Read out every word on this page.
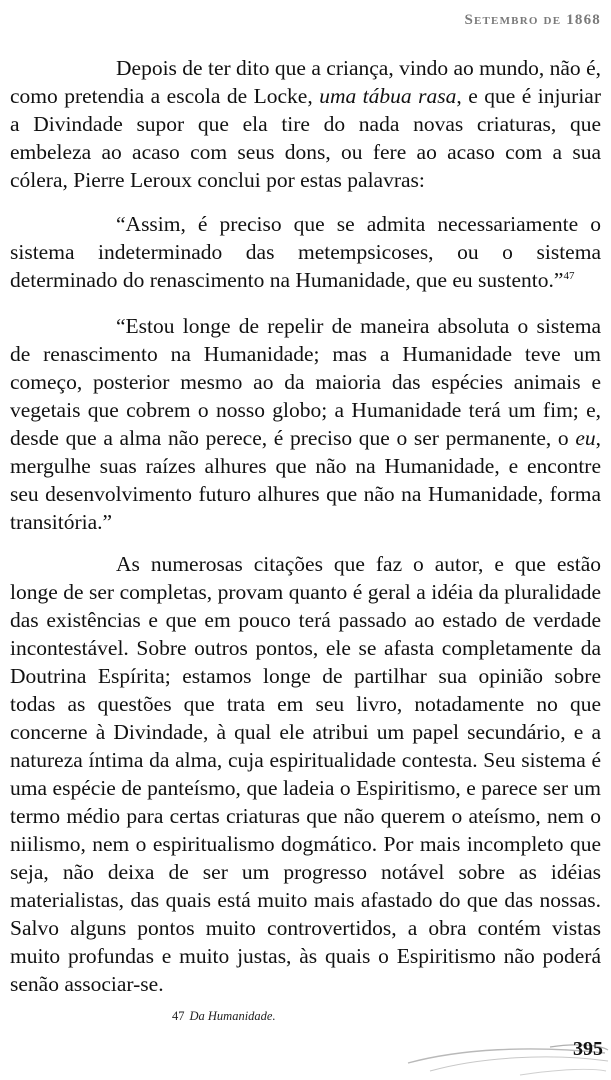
Setembro de 1868

Depois de ter dito que a criança, vindo ao mundo, não é, como pretendia a escola de Locke, uma tábua rasa, e que é injuriar a Divindade supor que ela tire do nada novas criaturas, que embeleza ao acaso com seus dons, ou fere ao acaso com a sua cólera, Pierre Leroux conclui por estas palavras:

“Assim, é preciso que se admita necessariamente o sistema indeterminado das metempsicoses, ou o sistema determinado do renascimento na Humanidade, que eu sustento.”$^{47}$

“Estou longe de repelir de maneira absoluta o sistema de renascimento na Humanidade; mas a Humanidade teve um começo, posterior mesmo ao da maioria das espécies animais e vegetais que cobrem o nosso globo; a Humanidade terá um fim; e, desde que a alma não perece, é preciso que o ser permanente, o eu, mergulhe suas raízes alhures que não na Humanidade, e encontre seu desenvolvimento futuro alhures que não na Humanidade, forma transitória.”

As numerosas citações que faz o autor, e que estão longe de ser completas, provam quanto é geral a idéia da pluralidade das existências e que em pouco terá passado ao estado de verdade incontestável. Sobre outros pontos, ele se afasta completamente da Doutrina Espírita; estamos longe de partilhar sua opinião sobre todas as questões que trata em seu livro, notadamente no que concerne à Divindade, à qual ele atribui um papel secundário, e a natureza íntima da alma, cuja espiritualidade contesta. Seu sistema é uma espécie de panteísmo, que ladeia o Espiritismo, e parece ser um termo médio para certas criaturas que não querem o ateísmo, nem o niilismo, nem o espiritualismo dogmático. Por mais incompleto que seja, não deixa de ser um progresso notável sobre as idéias materialistas, das quais está muito mais afastado do que das nossas. Salvo alguns pontos muito controvertidos, a obra contém vistas muito profundas e muito justas, às quais o Espiritismo não poderá senão associar-se.

47 Da Humanidade.
395
